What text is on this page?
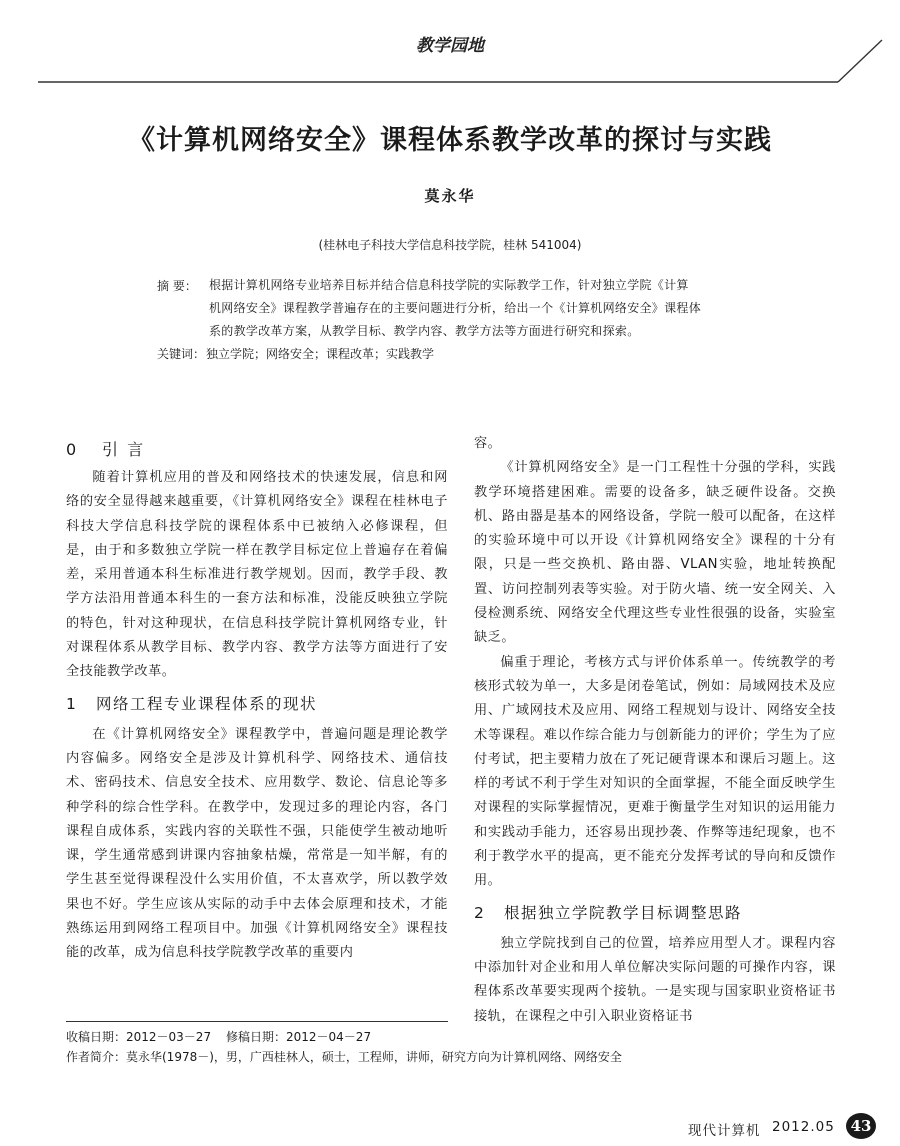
教学园地
《计算机网络安全》课程体系教学改革的探讨与实践
莫永华
(桂林电子科技大学信息科技学院，桂林 541004)
摘 要： 根据计算机网络专业培养目标并结合信息科技学院的实际教学工作，针对独立学院《计算
机网络安全》课程教学普遍存在的主要问题进行分析，给出一个《计算机网络安全》课程体
系的教学改革方案，从教学目标、教学内容、教学方法等方面进行研究和探索。
关键词： 独立学院；网络安全；课程改革；实践教学
0 引 言

随着计算机应用的普及和网络技术的快速发展，信息和网络的安全显得越来越重要，《计算机网络安全》课程在桂林电子科技大学信息科技学院的课程体系中已被纳入必修课程，但是，由于和多数独立学院一样在教学目标定位上普遍存在着偏差，采用普通本科生标准进行教学规划。因而，教学手段、教学方法沿用普通本科生的一套方法和标准，没能反映独立学院的特色，针对这种现状，在信息科技学院计算机网络专业，针对课程体系从教学目标、教学内容、教学方法等方面进行了安全技能教学改革。

1 网络工程专业课程体系的现状

在《计算机网络安全》课程教学中，普遍问题是理论教学内容偏多。网络安全是涉及计算机科学、网络技术、通信技术、密码技术、信息安全技术、应用数学、数论、信息论等多种学科的综合性学科。在教学中，发现过多的理论内容，各门课程自成体系，实践内容的关联性不强，只能使学生被动地听课，学生通常感到讲课内容抽象枯燥，常常是一知半解，有的学生甚至觉得课程没什么实用价值，不太喜欢学，所以教学效果也不好。学生应该从实际的动手中去体会原理和技术，才能熟练运用到网络工程项目中。加强《计算机网络安全》课程技能的改革，成为信息科技学院教学改革的重要内

容。

《计算机网络安全》是一门工程性十分强的学科，实践教学环境搭建困难。需要的设备多，缺乏硬件设备。交换机、路由器是基本的网络设备，学院一般可以配备，在这样的实验环境中可以开设《计算机网络安全》课程的十分有限，只是一些交换机、路由器、VLAN实验，地址转换配置、访问控制列表等实验。对于防火墙、统一安全网关、入侵检测系统、网络安全代理这些专业性很强的设备，实验室缺乏。

偏重于理论，考核方式与评价体系单一。传统教学的考核形式较为单一，大多是闭卷笔试，例如：局域网技术及应用、广域网技术及应用、网络工程规划与设计、网络安全技术等课程。难以作综合能力与创新能力的评价；学生为了应付考试，把主要精力放在了死记硬背课本和课后习题上。这样的考试不利于学生对知识的全面掌握，不能全面反映学生对课程的实际掌握情况，更难于衡量学生对知识的运用能力和实践动手能力，还容易出现抄袭、作弊等违纪现象，也不利于教学水平的提高，更不能充分发挥考试的导向和反馈作用。

2 根据独立学院教学目标调整思路

独立学院找到自己的位置，培养应用型人才。课程内容中添加针对企业和用人单位解决实际问题的可操作内容，课程体系改革要实现两个接轨。一是实现与国家职业资格证书接轨，在课程之中引入职业资格证书

收稿日期：2012－03－27 修稿日期：2012－04－27
作者简介：莫永华(1978－)，男，广西桂林人，硕士，工程师，讲师，研究方向为计算机网络、网络安全
现代计算机 2012.05	43
